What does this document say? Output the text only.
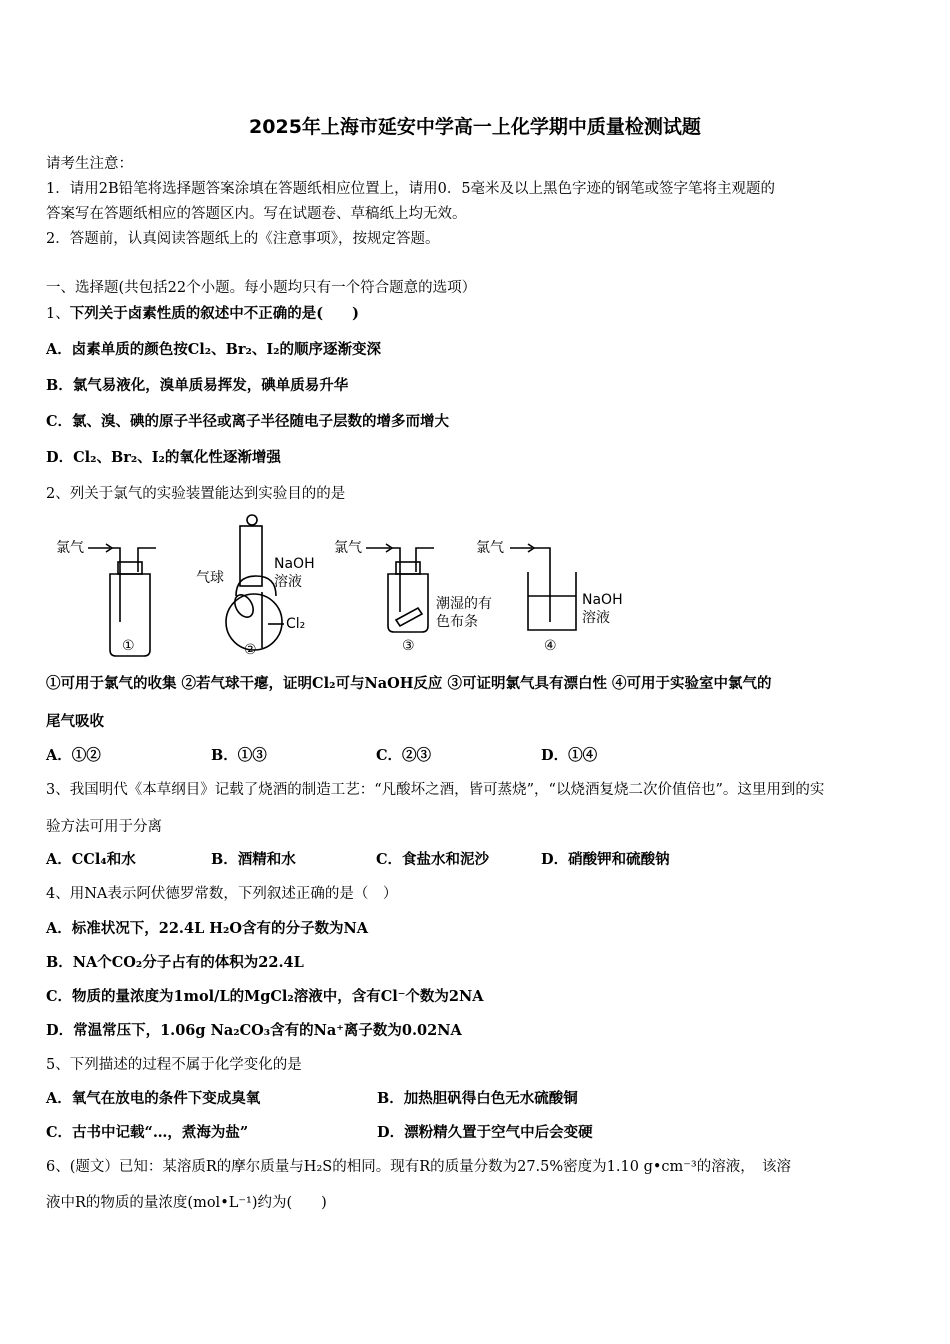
2025年上海市延安中学高一上化学期中质量检测试题
请考生注意：
1．请用2B铅笔将选择题答案涂填在答题纸相应位置上，请用0．5毫米及以上黑色字迹的钢笔或签字笔将主观题的
答案写在答题纸相应的答题区内。写在试题卷、草稿纸上均无效。
2．答题前，认真阅读答题纸上的《注意事项》，按规定答题。
一、选择题(共包括22个小题。每小题均只有一个符合题意的选项）
1、下列关于卤素性质的叙述中不正确的是(　　)
A．卤素单质的颜色按Cl₂、Br₂、I₂的顺序逐渐变深
B．氯气易液化，溴单质易挥发，碘单质易升华
C．氯、溴、碘的原子半径或离子半径随电子层数的增多而增大
D．Cl₂、Br₂、I₂的氧化性逐渐增强
2、列关于氯气的实验装置能达到实验目的的是
氯气
①
气球
NaOH
溶液
Cl₂
②
氯气
潮湿的有
色布条
③
氯气
NaOH
溶液
④
①可用于氯气的收集 ②若气球干瘪，证明Cl₂可与NaOH反应 ③可证明氯气具有漂白性 ④可用于实验室中氯气的
尾气吸收
A．①②	B．①③	C．②③	D．①④
3、我国明代《本草纲目》记载了烧酒的制造工艺：“凡酸坏之酒，皆可蒸烧”，“以烧酒复烧二次价值倍也”。这里用到的实
验方法可用于分离
A．CCl₄和水	B．酒精和水	C．食盐水和泥沙	D．硝酸钾和硫酸钠
4、用NA表示阿伏德罗常数，下列叙述正确的是（　）
A．标准状况下，22.4L H₂O含有的分子数为NA
B．NA个CO₂分子占有的体积为22.4L
C．物质的量浓度为1mol/L的MgCl₂溶液中，含有Cl⁻个数为2NA
D．常温常压下，1.06g Na₂CO₃含有的Na⁺离子数为0.02NA
5、下列描述的过程不属于化学变化的是
A．氧气在放电的条件下变成臭氧	B．加热胆矾得白色无水硫酸铜
C．古书中记载“…，煮海为盐”	D．漂粉精久置于空气中后会变硬
6、(题文）已知：某溶质R的摩尔质量与H₂S的相同。现有R的质量分数为27.5%密度为1.10 g•cm⁻³的溶液，　该溶
液中R的物质的量浓度(mol•L⁻¹)约为(　　)
